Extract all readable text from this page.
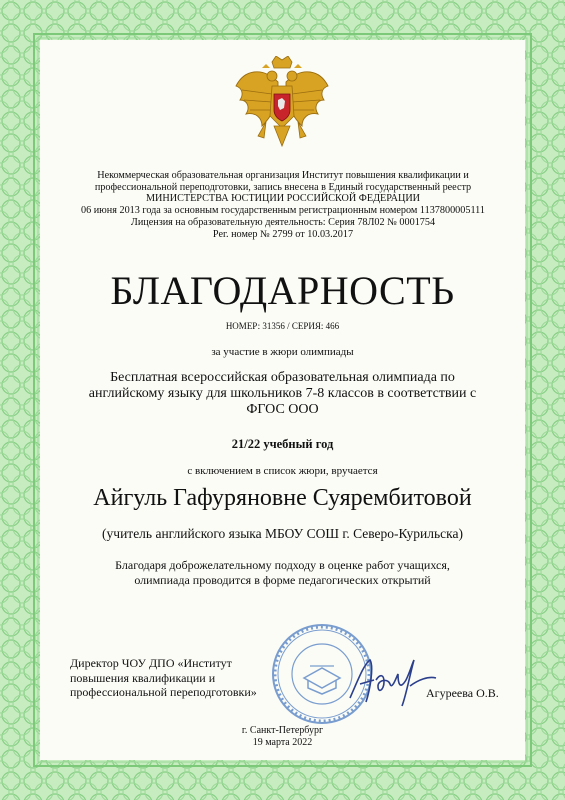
Некоммерческая образовательная организация Институт повышения квалификации и
профессиональной переподготовки, запись внесена в Единый государственный реестр
МИНИСТЕРСТВА ЮСТИЦИИ РОССИЙСКОЙ ФЕДЕРАЦИИ
06 июня 2013 года за основным государственным регистрационным номером 1137800005111
Лицензия на образовательную деятельность: Серия 78Л02 № 0001754
Рег. номер № 2799 от 10.03.2017
БЛАГОДАРНОСТЬ
НОМЕР: 31356 / СЕРИЯ: 466
за участие в жюри олимпиады
Бесплатная всероссийская образовательная олимпиада по
английскому языку для школьников 7-8 классов в соответствии с
ФГОС ООО
21/22 учебный год
с включением в список жюри, вручается
Айгуль Гафуряновне Суярембитовой
(учитель английского языка МБОУ СОШ г. Северо-Курильска)
Благодаря доброжелательному подходу в оценке работ учащихся,
олимпиада проводится в форме педагогических открытий
Директор ЧОУ ДПО «Институт
повышения квалификации и
профессиональной переподготовки»	Агуреева О.В.
г. Санкт-Петербург
19 марта 2022
